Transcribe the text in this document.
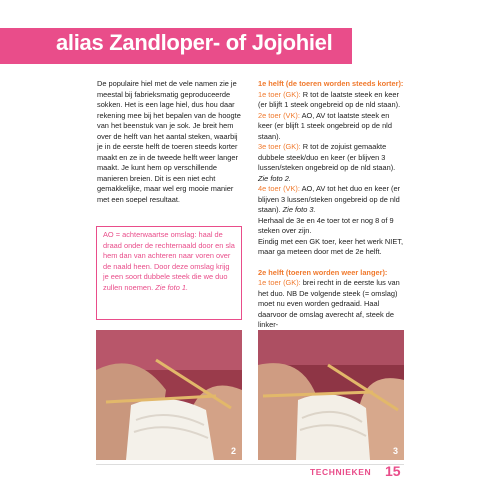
alias Zandloper- of Jojohiel

De populaire hiel met de vele namen zie je meestal bij fabrieksmatig geproduceerde sokken. Het is een lage hiel, dus hou daar rekening mee bij het bepalen van de hoogte van het beenstuk van je sok. Je breit hem over de helft van het aantal steken, waarbij je in de eerste helft de toeren steeds korter maakt en ze in de tweede helft weer langer maakt. Je kunt hem op verschillende manieren breien. Dit is een niet echt gemakkelijke, maar wel erg mooie manier met een soepel resultaat.

AO = achterwaartse omslag: haal de draad onder de rechternaald door en sla hem dan van achteren naar voren over de naald heen. Door deze omslag krijg je een soort dubbele steek die we duo zullen noemen. Zie foto 1.

1e helft (de toeren worden steeds korter):

1e toer (GK): R tot de laatste steek en keer (er blijft 1 steek ongebreid op de nld staan).

2e toer (VK): AO, AV tot laatste steek en keer (er blijft 1 steek ongebreid op de nld staan).

3e toer (GK): R tot de zojuist gemaakte dubbele steek/duo en keer (er blijven 3 lussen/steken ongebreid op de nld staan). Zie foto 2.

4e toer (VK): AO, AV tot het duo en keer (er blijven 3 lussen/steken ongebreid op de nld staan). Zie foto 3.

Herhaal de 3e en 4e toer tot er nog 8 of 9 steken over zijn.

Eindig met een GK toer, keer het werk NIET, maar ga meteen door met de 2e helft.

2e helft (toeren worden weer langer):

1e toer (GK): brei recht in de eerste lus van het duo. NB De volgende steek (= omslag) moet nu even worden gedraaid. Haal daarvoor de omslag averecht af, steek de linker-

2	3
TECHNIEKEN 15
